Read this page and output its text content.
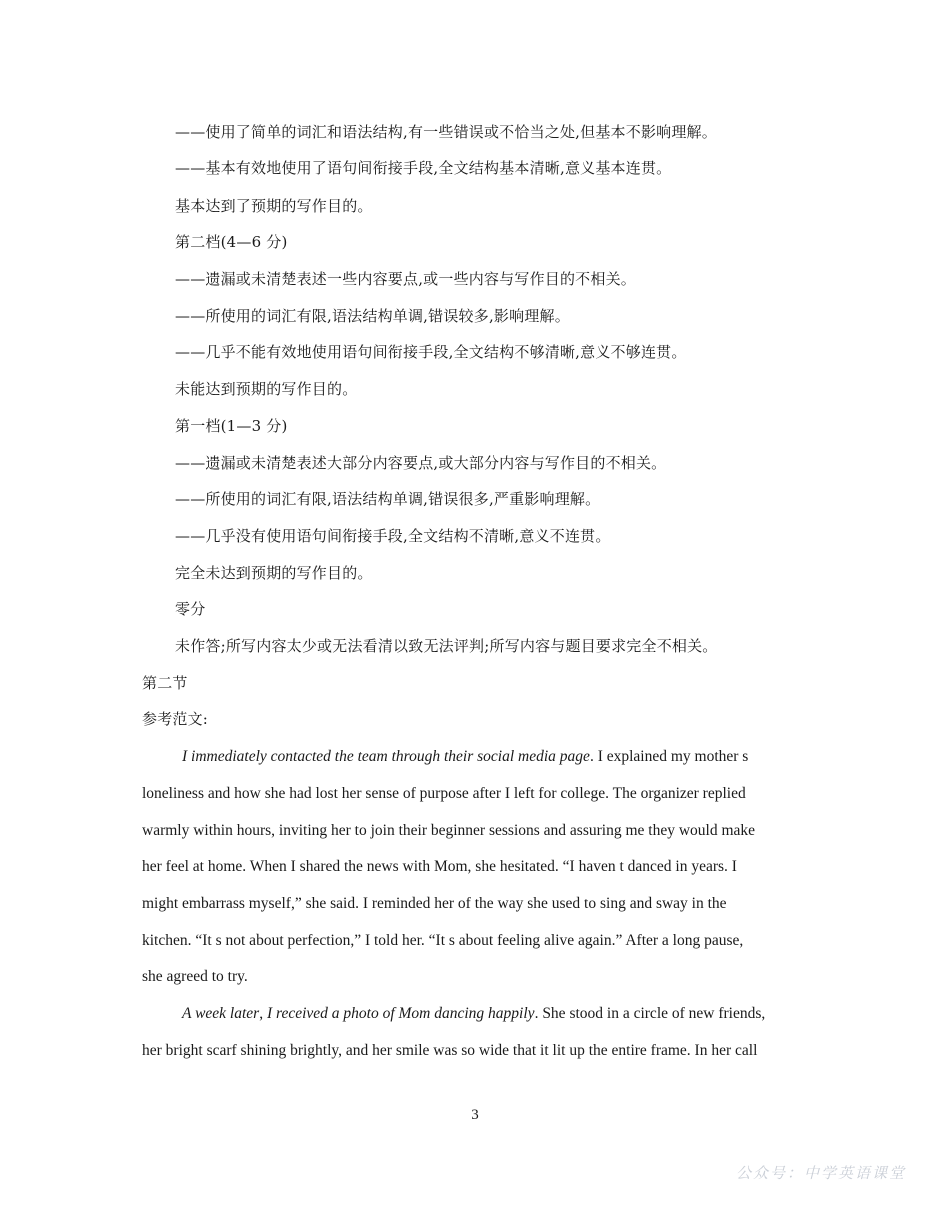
——使用了简单的词汇和语法结构,有一些错误或不恰当之处,但基本不影响理解。
——基本有效地使用了语句间衔接手段,全文结构基本清晰,意义基本连贯。
基本达到了预期的写作目的。
第二档(4—6 分)
——遗漏或未清楚表述一些内容要点,或一些内容与写作目的不相关。
——所使用的词汇有限,语法结构单调,错误较多,影响理解。
——几乎不能有效地使用语句间衔接手段,全文结构不够清晰,意义不够连贯。
未能达到预期的写作目的。
第一档(1—3 分)
——遗漏或未清楚表述大部分内容要点,或大部分内容与写作目的不相关。
——所使用的词汇有限,语法结构单调,错误很多,严重影响理解。
——几乎没有使用语句间衔接手段,全文结构不清晰,意义不连贯。
完全未达到预期的写作目的。
零分
未作答;所写内容太少或无法看清以致无法评判;所写内容与题目要求完全不相关。
第二节
参考范文:
I immediately contacted the team through their social media page. I explained my mother s
loneliness and how she had lost her sense of purpose after I left for college. The organizer replied
warmly within hours, inviting her to join their beginner sessions and assuring me they would make
her feel at home. When I shared the news with Mom, she hesitated. “I haven t danced in years. I
might embarrass myself,” she said. I reminded her of the way she used to sing and sway in the
kitchen. “It s not about perfection,” I told her. “It s about feeling alive again.” After a long pause,
she agreed to try.
A week later, I received a photo of Mom dancing happily. She stood in a circle of new friends,
her bright scarf shining brightly, and her smile was so wide that it lit up the entire frame. In her call
3
公众号：中学英语课堂
